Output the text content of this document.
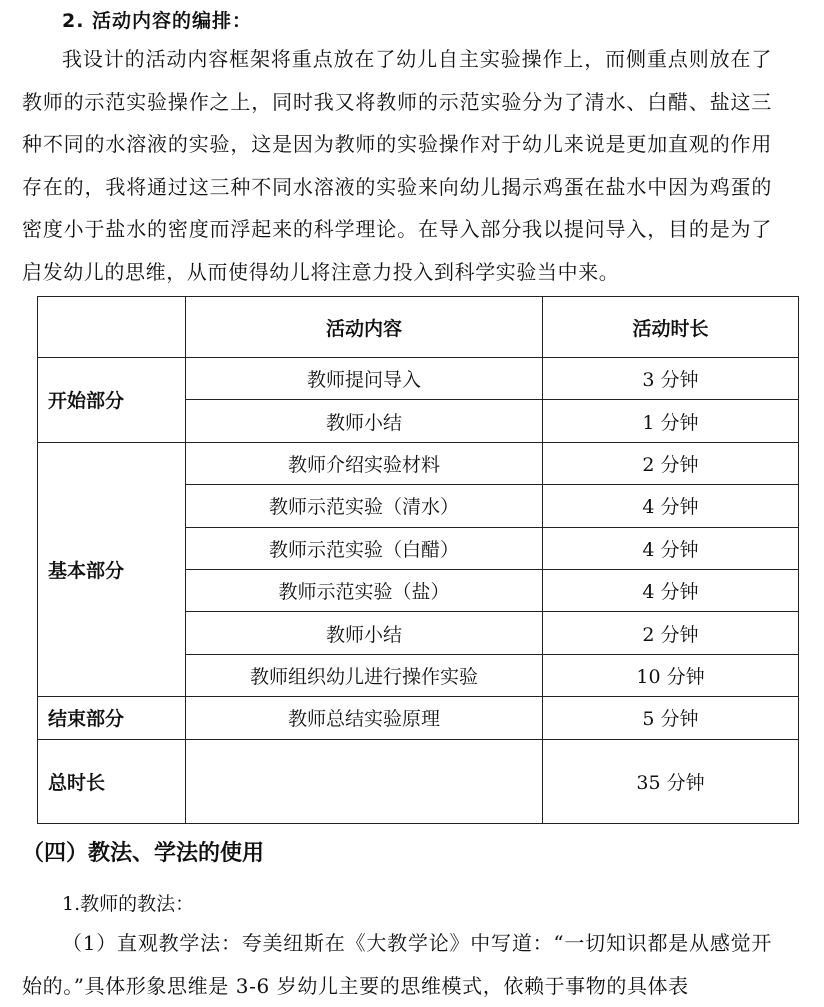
2. 活动内容的编排：

我设计的活动内容框架将重点放在了幼儿自主实验操作上，而侧重点则放在了教师的示范实验操作之上，同时我又将教师的示范实验分为了清水、白醋、盐这三种不同的水溶液的实验，这是因为教师的实验操作对于幼儿来说是更加直观的作用存在的，我将通过这三种不同水溶液的实验来向幼儿揭示鸡蛋在盐水中因为鸡蛋的密度小于盐水的密度而浮起来的科学理论。在导入部分我以提问导入，目的是为了启发幼儿的思维，从而使得幼儿将注意力投入到科学实验当中来。

	活动内容	活动时长
开始部分	教师提问导入	3 分钟
	教师小结	1 分钟
基本部分	教师介绍实验材料	2 分钟
	教师示范实验（清水）	4 分钟
	教师示范实验（白醋）	4 分钟
	教师示范实验（盐）	4 分钟
	教师小结	2 分钟
	教师组织幼儿进行操作实验	10 分钟
结束部分	教师总结实验原理	5 分钟
总时长		35 分钟
（四）教法、学法的使用
1.教师的教法：

（1）直观教学法：夸美纽斯在《大教学论》中写道：“一切知识都是从感觉开始的。”具体形象思维是 3-6 岁幼儿主要的思维模式，依赖于事物的具体表
